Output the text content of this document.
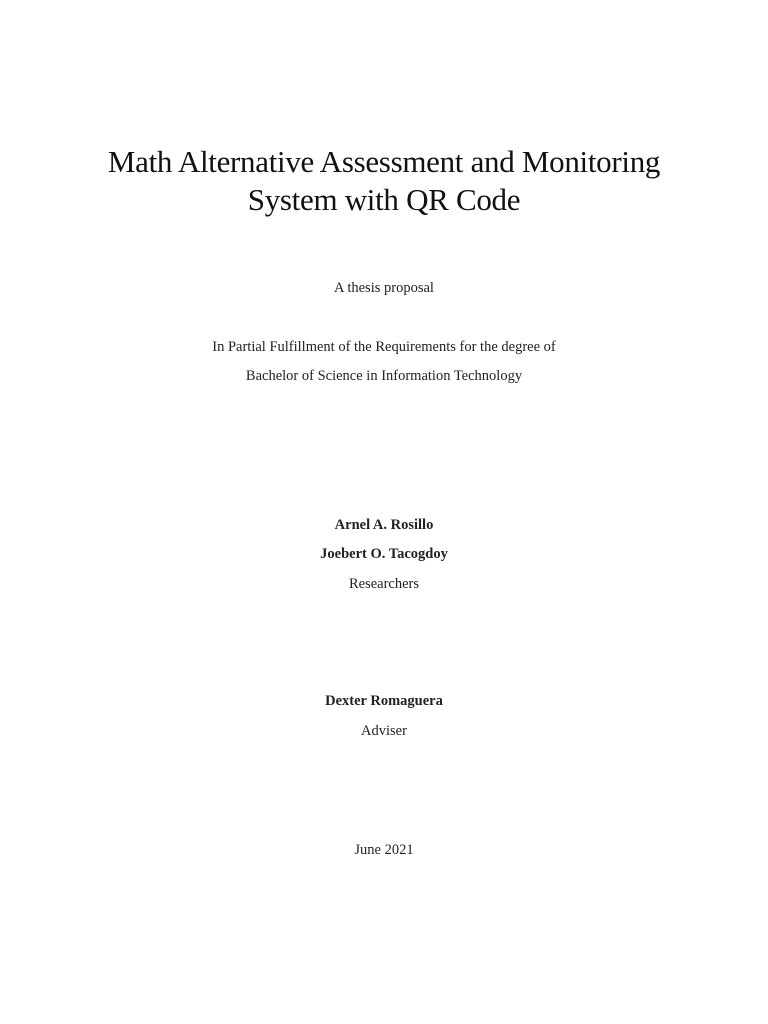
Math Alternative Assessment and Monitoring
System with QR Code
A thesis proposal
In Partial Fulfillment of the Requirements for the degree of
Bachelor of Science in Information Technology
Arnel A. Rosillo
Joebert O. Tacogdoy
Researchers
Dexter Romaguera
Adviser
June 2021
